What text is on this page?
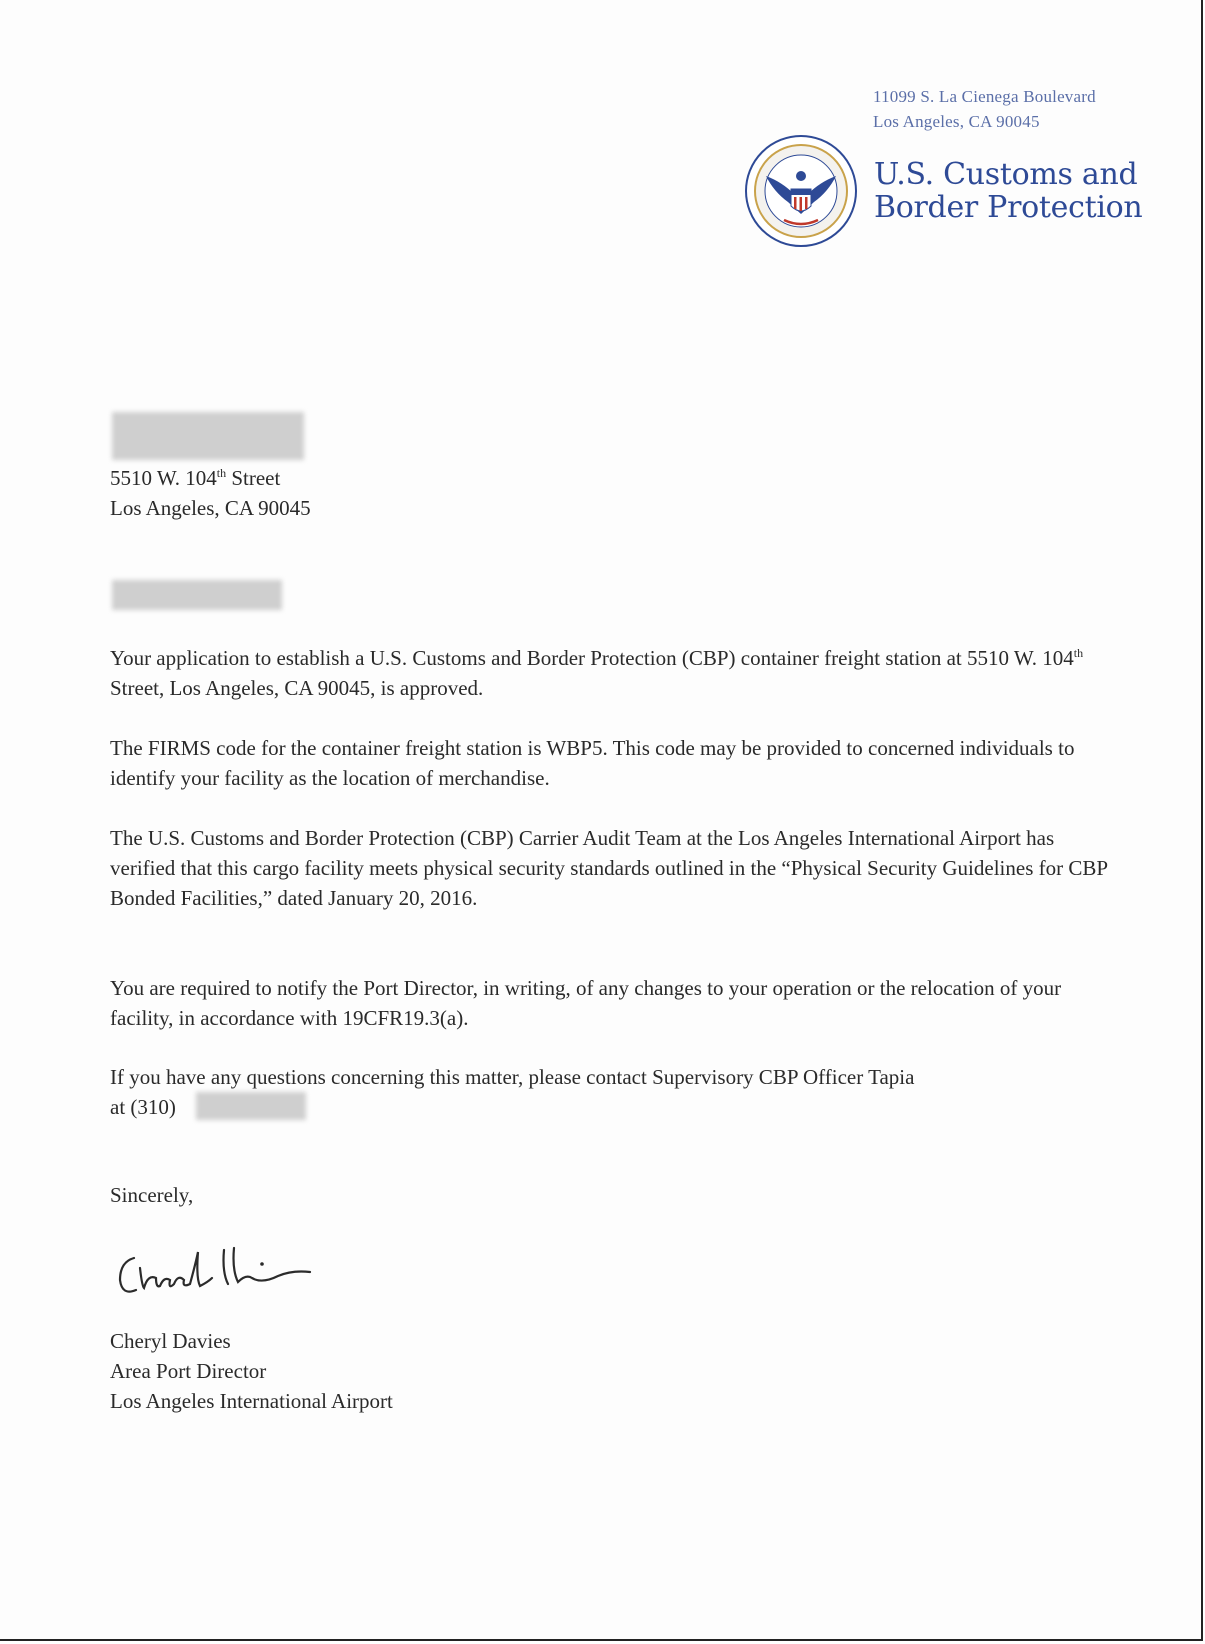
11099 S. La Cienega Boulevard
Los Angeles, CA 90045
U.S. Customs and
Border Protection
5510 W. 104th Street
Los Angeles, CA 90045
Your application to establish a U.S. Customs and Border Protection (CBP) container freight station at 5510 W. 104th Street, Los Angeles, CA 90045, is approved.
The FIRMS code for the container freight station is WBP5. This code may be provided to concerned individuals to identify your facility as the location of merchandise.
The U.S. Customs and Border Protection (CBP) Carrier Audit Team at the Los Angeles International Airport has verified that this cargo facility meets physical security standards outlined in the “Physical Security Guidelines for CBP Bonded Facilities,” dated January 20, 2016.
You are required to notify the Port Director, in writing, of any changes to your operation or the relocation of your facility, in accordance with 19CFR19.3(a).
If you have any questions concerning this matter, please contact Supervisory CBP Officer Tapia
at (310)
Sincerely,
Cheryl Davies
Area Port Director
Los Angeles International Airport
